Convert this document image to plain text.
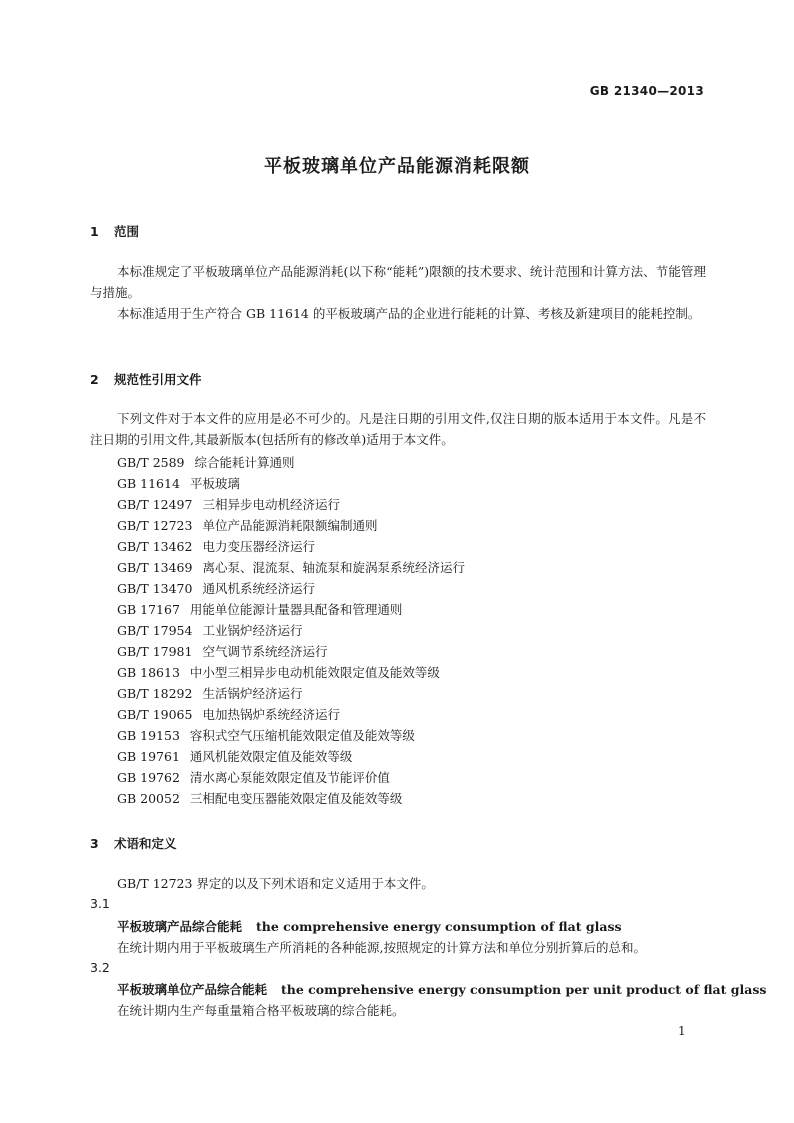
GB 21340—2013
平板玻璃单位产品能源消耗限额
1 范围
本标准规定了平板玻璃单位产品能源消耗(以下称“能耗”)限额的技术要求、统计范围和计算方法、节能管理与措施。
本标准适用于生产符合 GB 11614 的平板玻璃产品的企业进行能耗的计算、考核及新建项目的能耗控制。
2 规范性引用文件
下列文件对于本文件的应用是必不可少的。凡是注日期的引用文件,仅注日期的版本适用于本文件。凡是不注日期的引用文件,其最新版本(包括所有的修改单)适用于本文件。
GB/T 2589 综合能耗计算通则
GB 11614 平板玻璃
GB/T 12497 三相异步电动机经济运行
GB/T 12723 单位产品能源消耗限额编制通则
GB/T 13462 电力变压器经济运行
GB/T 13469 离心泵、混流泵、轴流泵和旋涡泵系统经济运行
GB/T 13470 通风机系统经济运行
GB 17167 用能单位能源计量器具配备和管理通则
GB/T 17954 工业锅炉经济运行
GB/T 17981 空气调节系统经济运行
GB 18613 中小型三相异步电动机能效限定值及能效等级
GB/T 18292 生活锅炉经济运行
GB/T 19065 电加热锅炉系统经济运行
GB 19153 容积式空气压缩机能效限定值及能效等级
GB 19761 通风机能效限定值及能效等级
GB 19762 清水离心泵能效限定值及节能评价值
GB 20052 三相配电变压器能效限定值及能效等级
3 术语和定义
GB/T 12723 界定的以及下列术语和定义适用于本文件。
3.1
平板玻璃产品综合能耗 the comprehensive energy consumption of flat glass
在统计期内用于平板玻璃生产所消耗的各种能源,按照规定的计算方法和单位分别折算后的总和。
3.2
平板玻璃单位产品综合能耗 the comprehensive energy consumption per unit product of flat glass
在统计期内生产每重量箱合格平板玻璃的综合能耗。
1
